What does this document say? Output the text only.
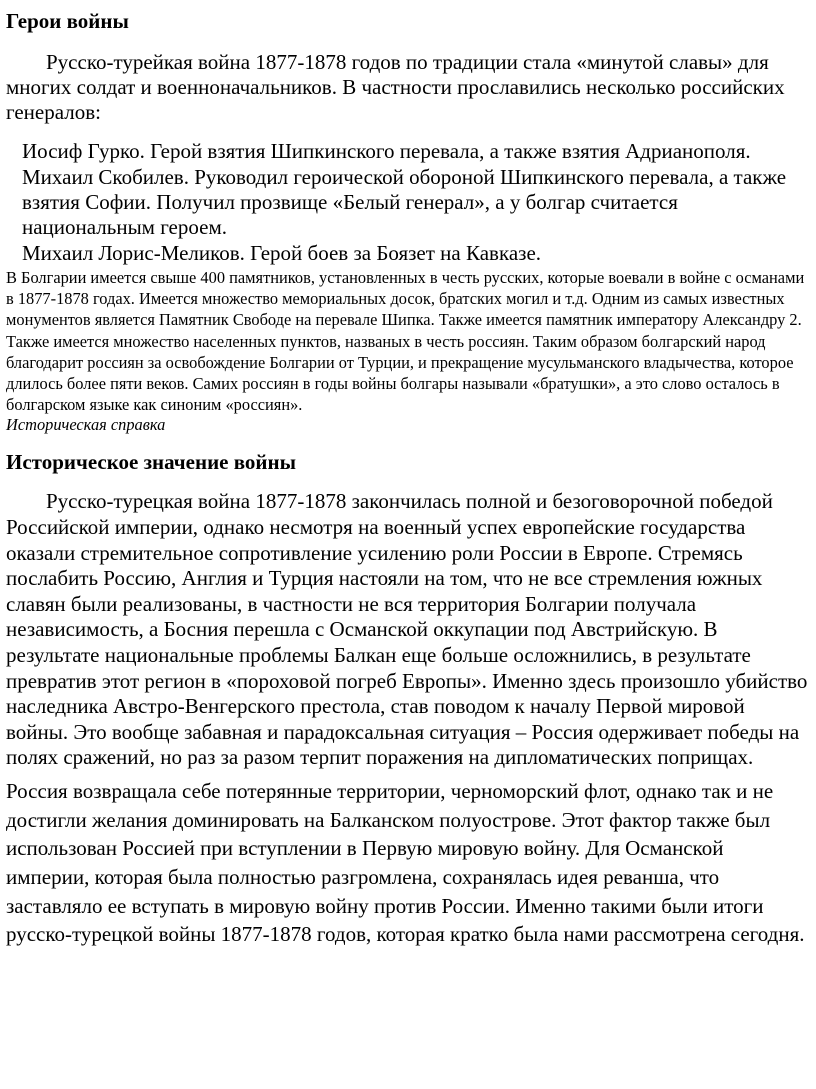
Герои войны

Русско-турейкая война 1877-1878 годов по традиции стала «минутой славы» для многих солдат и военноначальников. В частности прославились несколько российских генералов:

Иосиф Гурко. Герой взятия Шипкинского перевала, а также взятия Адрианополя.
Михаил Скобилев. Руководил героической обороной Шипкинского перевала, а также взятия Софии. Получил прозвище «Белый генерал», а у болгар считается национальным героем.
Михаил Лорис-Меликов. Герой боев за Боязет на Кавказе.

В Болгарии имеется свыше 400 памятников, установленных в честь русских, которые воевали в войне с османами в 1877-1878 годах. Имеется множество мемориальных досок, братских могил и т.д. Одним из самых известных монументов является Памятник Свободе на перевале Шипка. Также имеется памятник императору Александру 2. Также имеется множество населенных пунктов, названых в честь россиян. Таким образом болгарский народ благодарит россиян за освобождение Болгарии от Турции, и прекращение мусульманского владычества, которое длилось более пяти веков. Самих россиян в годы войны болгары называли «братушки», а это слово осталось в болгарском языке как синоним «россиян».

Историческая справка

Историческое значение войны

Русско-турецкая война 1877-1878 закончилась полной и безоговорочной победой Российской империи, однако несмотря на военный успех европейские государства оказали стремительное сопротивление усилению роли России в Европе. Стремясь послабить Россию, Англия и Турция настояли на том, что не все стремления южных славян были реализованы, в частности не вся территория Болгарии получала независимость, а Босния перешла с Османской оккупации под Австрийскую. В результате национальные проблемы Балкан еще больше осложнились, в результате превратив этот регион в «пороховой погреб Европы». Именно здесь произошло убийство наследника Австро-Венгерского престола, став поводом к началу Первой мировой войны. Это вообще забавная и парадоксальная ситуация – Россия одерживает победы на полях сражений, но раз за разом терпит поражения на дипломатических поприщах.

Россия возвращала себе потерянные территории, черноморский флот, однако так и не достигли желания доминировать на Балканском полуострове. Этот фактор также был использован Россией при вступлении в Первую мировую войну. Для Османской империи, которая была полностью разгромлена, сохранялась идея реванша, что заставляло ее вступать в мировую войну против России. Именно такими были итоги русско-турецкой войны 1877-1878 годов, которая кратко была нами рассмотрена сегодня.
